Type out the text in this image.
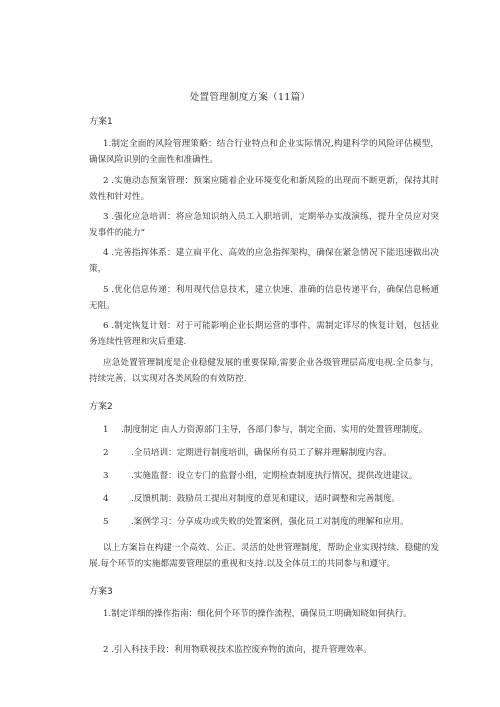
处置管理制度方案（11篇）
方案1
1.制定全面的风险管理策略：结合行业特点和企业实际情况,构建科学的风险评估模型，确保风险识别的全面性和准确性。
2 .实施动态预案管理：预案应随着企业环境变化和新风险的出现而不断更新，保持其时效性和针对性。
3 .强化应急培训：将应急知识纳入员工入职培训，定期举办实战演练，提升全员应对突发事件的能力“
4 .完善指挥体系：建立扁平化、高效的应急指挥架构，确保在紧急情况下能迅速做出决策，
5 .优化信息传递：利用现代信息技术，建立快速、准确的信息传递平台，确保信息畅通无阻。
6 .制定恢复计划：对于可能影响企业长期运营的事件，需制定详尽的恢复计划，包括业务连续性管理和灾后重建.
应急处置管理制度是企业稳健发展的重要保障,需要企业各级管理层高度电视.全员参与，持续完善，以实现对各类风险的有效防控.
方案2
1 .制度制定 由人力资源部门主导，各部门参与，制定全面、实用的处置管理制度。
2	.全员培训：定期进行制度培训，确保所有员工了解并理解制度内容。
3	.实施监督：设立专门的监督小组，定期检查制度执行情况，提供改进建议。
4	.反馈机制：鼓励员工提出对制度的意见和建议，适时调整和完善制度。
5	.案例学习：分享成功或失败的处置案例，强化员工对制度的理解和应用。
以上方案旨在构建一个高效、公正、灵活的处世管理制度，帮助企业实现持续、稳健的发展.每个环节的实施都需要管理层的重视和支持.以及全体员工的共同参与和遵守。
方案3
1.制定详细的操作指南：细化何个环节的操作流程，确保员工明确知晓如何执行。
2 .引入科技手段：利用物联视技术监控废弃物的流向，提升管理效率。
